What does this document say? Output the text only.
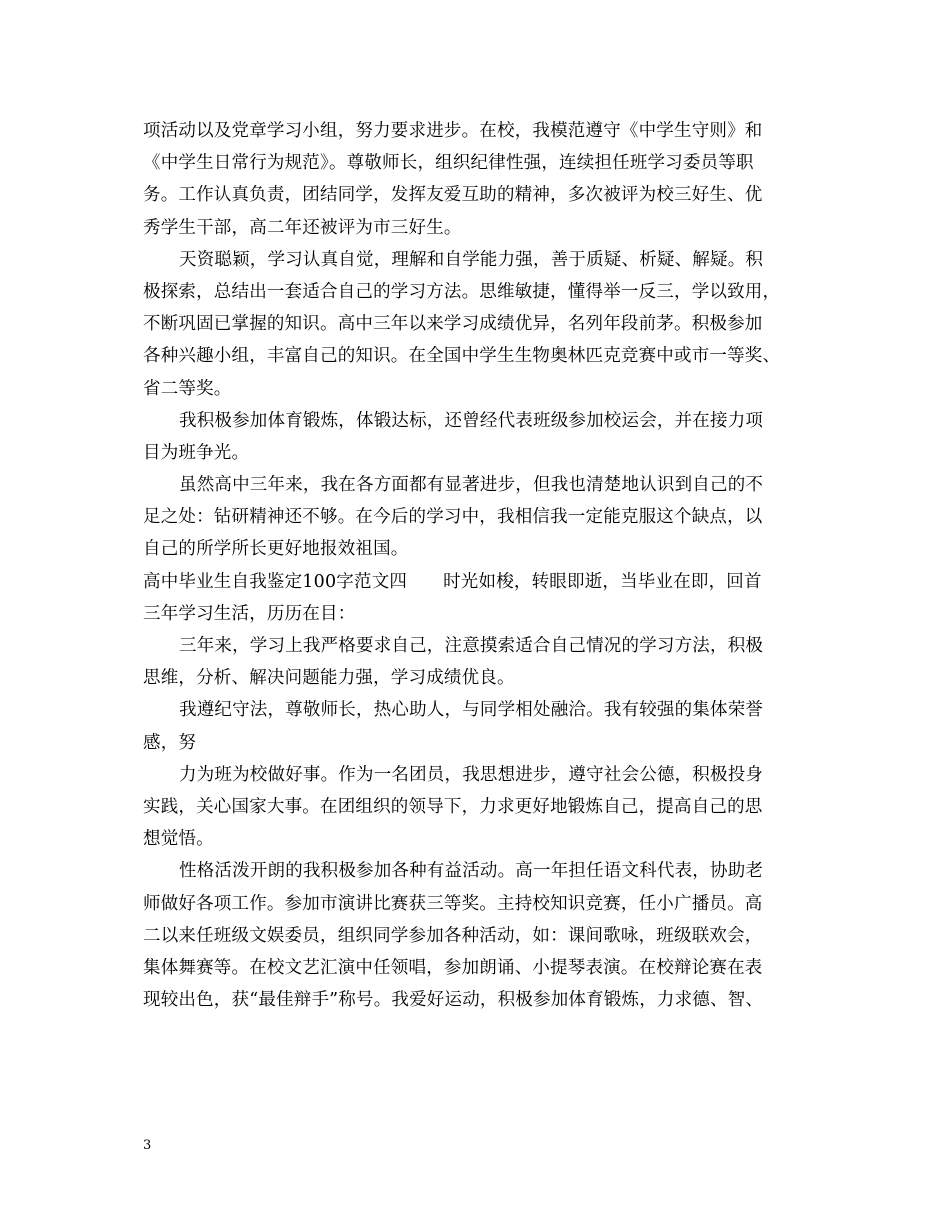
项活动以及党章学习小组，努力要求进步。在校，我模范遵守《中学生守则》和
《中学生日常行为规范》。尊敬师长，组织纪律性强，连续担任班学习委员等职
务。工作认真负责，团结同学，发挥友爱互助的精神，多次被评为校三好生、优
秀学生干部，高二年还被评为市三好生。
天资聪颖，学习认真自觉，理解和自学能力强，善于质疑、析疑、解疑。积
极探索，总结出一套适合自己的学习方法。思维敏捷，懂得举一反三，学以致用，
不断巩固已掌握的知识。高中三年以来学习成绩优异，名列年段前茅。积极参加
各种兴趣小组，丰富自己的知识。在全国中学生生物奥林匹克竞赛中或市一等奖、
省二等奖。
我积极参加体育锻炼，体锻达标，还曾经代表班级参加校运会，并在接力项
目为班争光。
虽然高中三年来，我在各方面都有显著进步，但我也清楚地认识到自己的不
足之处：钻研精神还不够。在今后的学习中，我相信我一定能克服这个缺点，以
自己的所学所长更好地报效祖国。
高中毕业生自我鉴定100字范文四 时光如梭，转眼即逝，当毕业在即，回首
三年学习生活，历历在目：
三年来，学习上我严格要求自己，注意摸索适合自己情况的学习方法，积极
思维，分析、解决问题能力强，学习成绩优良。
我遵纪守法，尊敬师长，热心助人，与同学相处融洽。我有较强的集体荣誉
感，努
力为班为校做好事。作为一名团员，我思想进步，遵守社会公德，积极投身
实践，关心国家大事。在团组织的领导下，力求更好地锻炼自己，提高自己的思
想觉悟。
性格活泼开朗的我积极参加各种有益活动。高一年担任语文科代表，协助老
师做好各项工作。参加市演讲比赛获三等奖。主持校知识竞赛，任小广播员。高
二以来任班级文娱委员，组织同学参加各种活动，如：课间歌咏，班级联欢会，
集体舞赛等。在校文艺汇演中任领唱，参加朗诵、小提琴表演。在校辩论赛在表
现较出色，获“最佳辩手”称号。我爱好运动，积极参加体育锻炼，力求德、智、
3
